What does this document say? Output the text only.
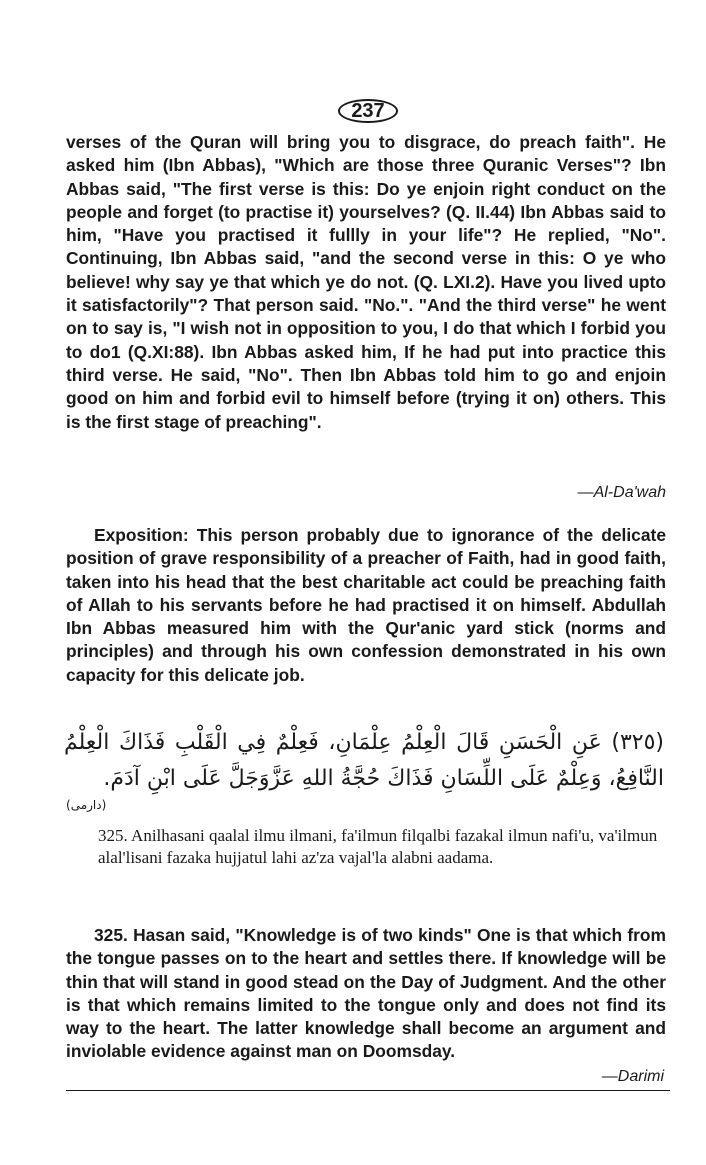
237

verses of the Quran will bring you to disgrace, do preach faith". He asked him (Ibn Abbas), "Which are those three Quranic Verses"? Ibn Abbas said, "The first verse is this: Do ye enjoin right conduct on the people and forget (to practise it) yourselves? (Q. II.44) Ibn Abbas said to him, "Have you practised it fullly in your life"? He replied, "No". Continuing, Ibn Abbas said, "and the second verse in this: O ye who believe! why say ye that which ye do not. (Q. LXI.2). Have you lived upto it satisfactorily"? That person said. "No.". "And the third verse" he went on to say is, "I wish not in opposition to you, I do that which I forbid you to do1 (Q.XI:88). Ibn Abbas asked him, If he had put into practice this third verse. He said, "No". Then Ibn Abbas told him to go and enjoin good on him and forbid evil to himself before (trying it on) others. This is the first stage of preaching".

—Al-Da'wah

Exposition: This person probably due to ignorance of the delicate position of grave responsibility of a preacher of Faith, had in good faith, taken into his head that the best charitable act could be preaching faith of Allah to his servants before he had practised it on himself. Abdullah Ibn Abbas measured him with the Qur'anic yard stick (norms and principles) and through his own confession demonstrated in his own capacity for this delicate job.

(٣٢٥) عَنِ الْحَسَنِ قَالَ الْعِلْمُ عِلْمَانِ، فَعِلْمٌ فِي الْقَلْبِ فَذَاكَ الْعِلْمُ النَّافِعُ، وَعِلْمٌ عَلَى اللِّسَانِ فَذَاكَ حُجَّةُ اللهِ عَزَّوَجَلَّ عَلَى ابْنِ آدَمَ.
(دارمی)

325. Anilhasani qaalal ilmu ilmani, fa'ilmun filqalbi fazakal ilmun nafi'u, va'ilmun alal'lisani fazaka hujjatul lahi az'za vajal'la alabni aadama.

325. Hasan said, "Knowledge is of two kinds" One is that which from the tongue passes on to the heart and settles there. If knowledge will be thin that will stand in good stead on the Day of Judgment. And the other is that which remains limited to the tongue only and does not find its way to the heart. The latter knowledge shall become an argument and inviolable evidence against man on Doomsday.

—Darimi
